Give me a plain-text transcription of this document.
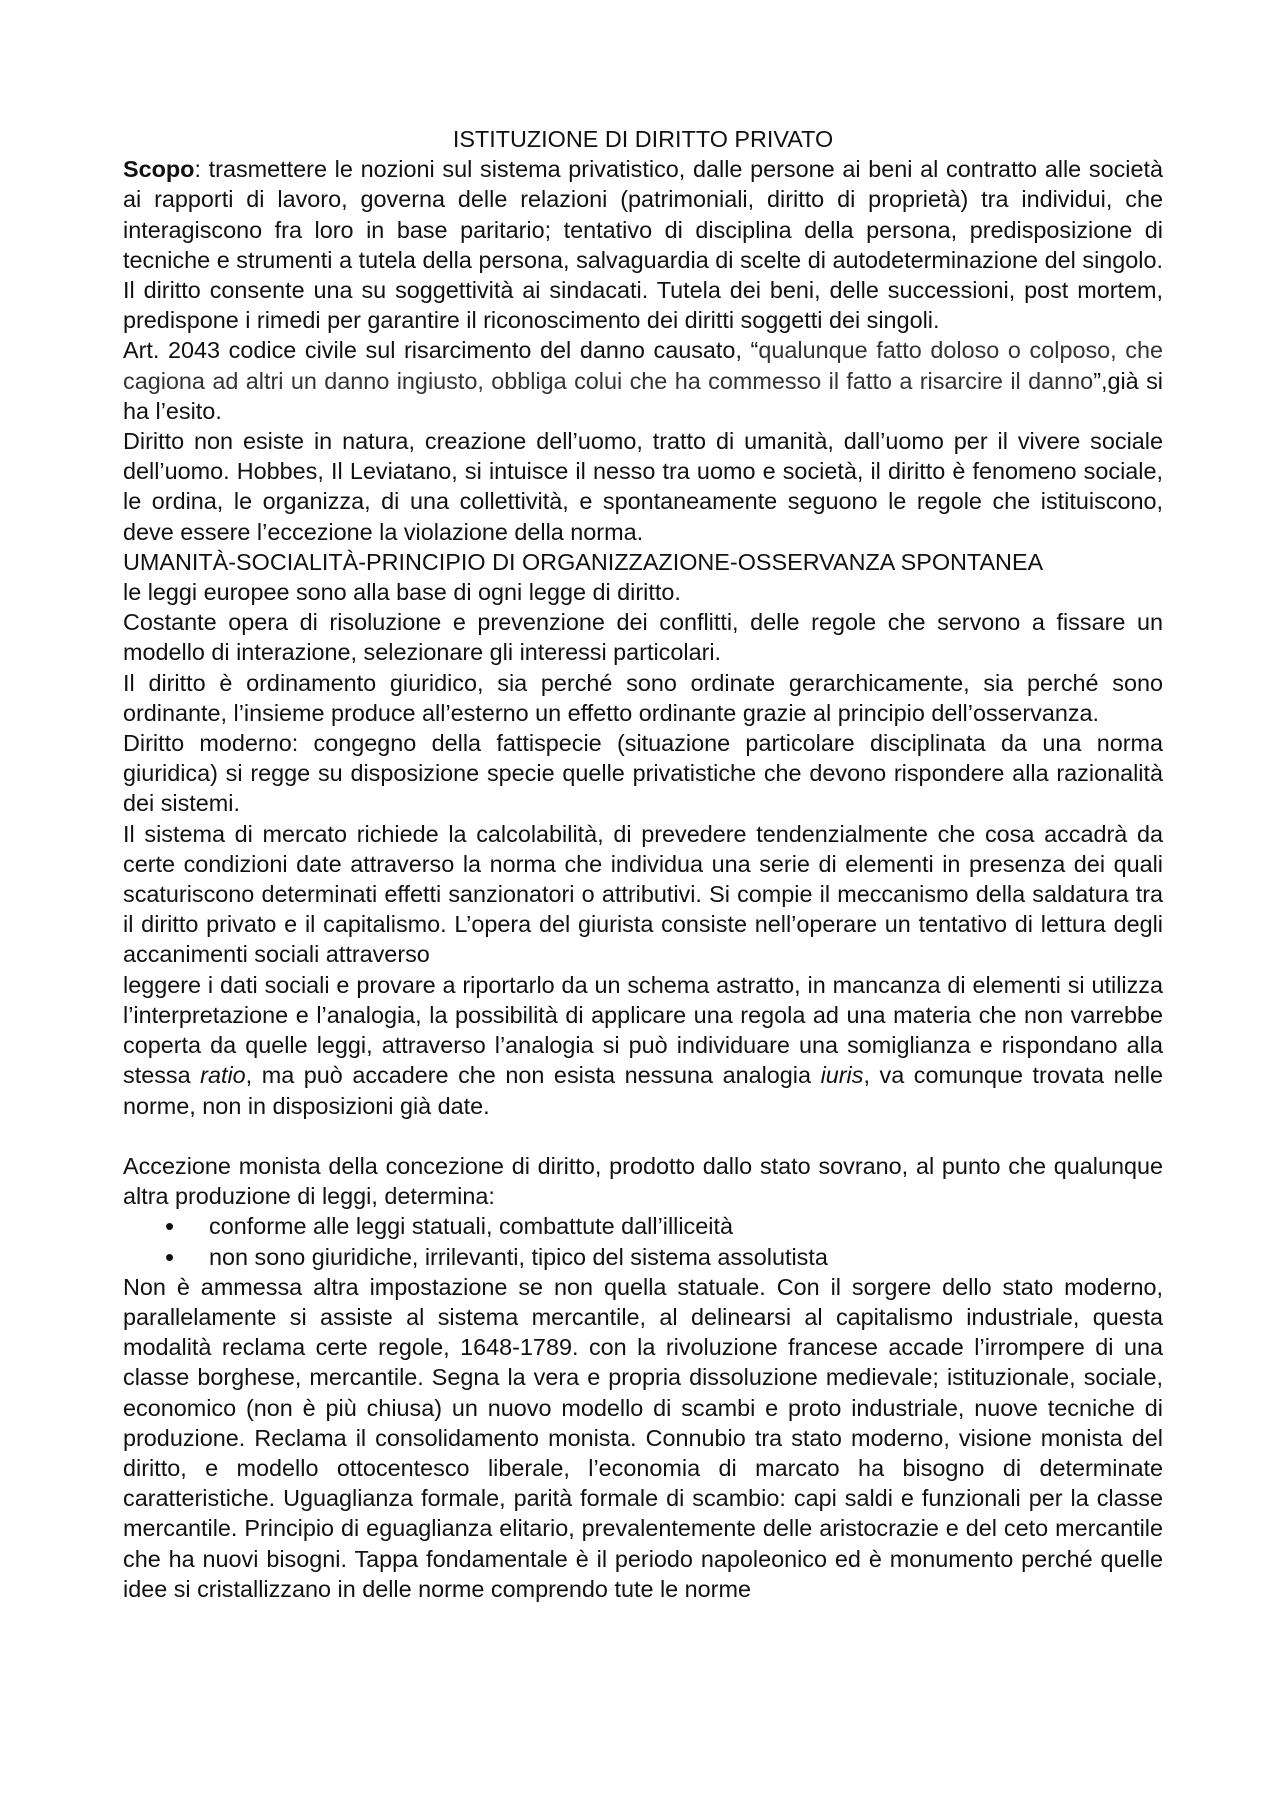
ISTITUZIONE DI DIRITTO PRIVATO

Scopo: trasmettere le nozioni sul sistema privatistico, dalle persone ai beni al contratto alle società ai rapporti di lavoro, governa delle relazioni (patrimoniali, diritto di proprietà) tra individui, che interagiscono fra loro in base paritario; tentativo di disciplina della persona, predisposizione di tecniche e strumenti a tutela della persona, salvaguardia di scelte di autodeterminazione del singolo. Il diritto consente una su soggettività ai sindacati. Tutela dei beni, delle successioni, post mortem, predispone i rimedi per garantire il riconoscimento dei diritti soggetti dei singoli.

Art. 2043 codice civile sul risarcimento del danno causato, “qualunque fatto doloso o colposo, che cagiona ad altri un danno ingiusto, obbliga colui che ha commesso il fatto a risarcire il danno”,già si ha l’esito.

Diritto non esiste in natura, creazione dell’uomo, tratto di umanità, dall’uomo per il vivere sociale dell’uomo. Hobbes, Il Leviatano, si intuisce il nesso tra uomo e società, il diritto è fenomeno sociale, le ordina, le organizza, di una collettività, e spontaneamente seguono le regole che istituiscono, deve essere l’eccezione la violazione della norma.

UMANITÀ-SOCIALITÀ-PRINCIPIO DI ORGANIZZAZIONE-OSSERVANZA SPONTANEA

le leggi europee sono alla base di ogni legge di diritto.

Costante opera di risoluzione e prevenzione dei conflitti, delle regole che servono a fissare un modello di interazione, selezionare gli interessi particolari.

Il diritto è ordinamento giuridico, sia perché sono ordinate gerarchicamente, sia perché sono ordinante, l’insieme produce all’esterno un effetto ordinante grazie al principio dell’osservanza.

Diritto moderno: congegno della fattispecie (situazione particolare disciplinata da una norma giuridica) si regge su disposizione specie quelle privatistiche che devono rispondere alla razionalità dei sistemi.

Il sistema di mercato richiede la calcolabilità, di prevedere tendenzialmente che cosa accadrà da certe condizioni date attraverso la norma che individua una serie di elementi in presenza dei quali scaturiscono determinati effetti sanzionatori o attributivi. Si compie il meccanismo della saldatura tra il diritto privato e il capitalismo. L’opera del giurista consiste nell’operare un tentativo di lettura degli accanimenti sociali attraverso

leggere i dati sociali e provare a riportarlo da un schema astratto, in mancanza di elementi si utilizza l’interpretazione e l’analogia, la possibilità di applicare una regola ad una materia che non varrebbe coperta da quelle leggi, attraverso l’analogia si può individuare una somiglianza e rispondano alla stessa ratio, ma può accadere che non esista nessuna analogia iuris, va comunque trovata nelle norme, non in disposizioni già date.

Accezione monista della concezione di diritto, prodotto dallo stato sovrano, al punto che qualunque altra produzione di leggi, determina:

• conforme alle leggi statuali, combattute dall’illiceità
• non sono giuridiche, irrilevanti, tipico del sistema assolutista

Non è ammessa altra impostazione se non quella statuale. Con il sorgere dello stato moderno, parallelamente si assiste al sistema mercantile, al delinearsi al capitalismo industriale, questa modalità reclama certe regole, 1648-1789. con la rivoluzione francese accade l’irrompere di una classe borghese, mercantile. Segna la vera e propria dissoluzione medievale; istituzionale, sociale, economico (non è più chiusa) un nuovo modello di scambi e proto industriale, nuove tecniche di produzione. Reclama il consolidamento monista. Connubio tra stato moderno, visione monista del diritto, e modello ottocentesco liberale, l’economia di marcato ha bisogno di determinate caratteristiche. Uguaglianza formale, parità formale di scambio: capi saldi e funzionali per la classe mercantile. Principio di eguaglianza elitario, prevalentemente delle aristocrazie e del ceto mercantile che ha nuovi bisogni. Tappa fondamentale è il periodo napoleonico ed è monumento perché quelle idee si cristallizzano in delle norme comprendo tute le norme
